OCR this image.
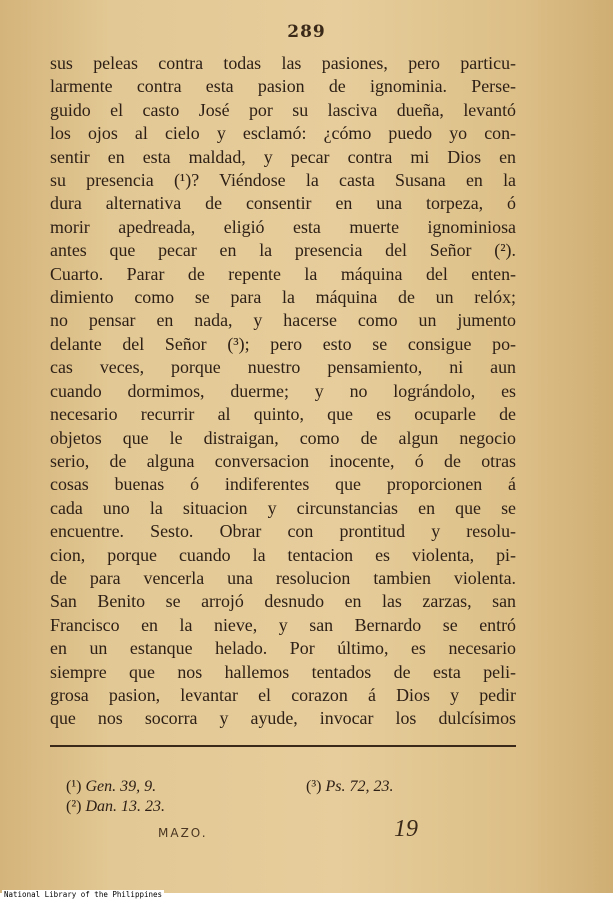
289
sus peleas contra todas las pasiones, pero particu-
larmente contra esta pasion de ignominia. Perse-
guido el casto José por su lasciva dueña, levantó
los ojos al cielo y esclamó: ¿cómo puedo yo con-
sentir en esta maldad, y pecar contra mi Dios en
su presencia (¹)? Viéndose la casta Susana en la
dura alternativa de consentir en una torpeza, ó
morir apedreada, eligió esta muerte ignominiosa
antes que pecar en la presencia del Señor (²).
Cuarto. Parar de repente la máquina del enten-
dimiento como se para la máquina de un relóx;
no pensar en nada, y hacerse como un jumento
delante del Señor (³); pero esto se consigue po-
cas veces, porque nuestro pensamiento, ni aun
cuando dormimos, duerme; y no lográndolo, es
necesario recurrir al quinto, que es ocuparle de
objetos que le distraigan, como de algun negocio
serio, de alguna conversacion inocente, ó de otras
cosas buenas ó indiferentes que proporcionen á
cada uno la situacion y circunstancias en que se
encuentre. Sesto. Obrar con prontitud y resolu-
cion, porque cuando la tentacion es violenta, pi-
de para vencerla una resolucion tambien violenta.
San Benito se arrojó desnudo en las zarzas, san
Francisco en la nieve, y san Bernardo se entró
en un estanque helado. Por último, es necesario
siempre que nos hallemos tentados de esta peli-
grosa pasion, levantar el corazon á Dios y pedir
que nos socorra y ayude, invocar los dulcísimos
(¹) Gen. 39, 9.
(²) Dan. 13. 23.
(³) Ps. 72, 23.
MAZO.	19
National Library of the Philippines
